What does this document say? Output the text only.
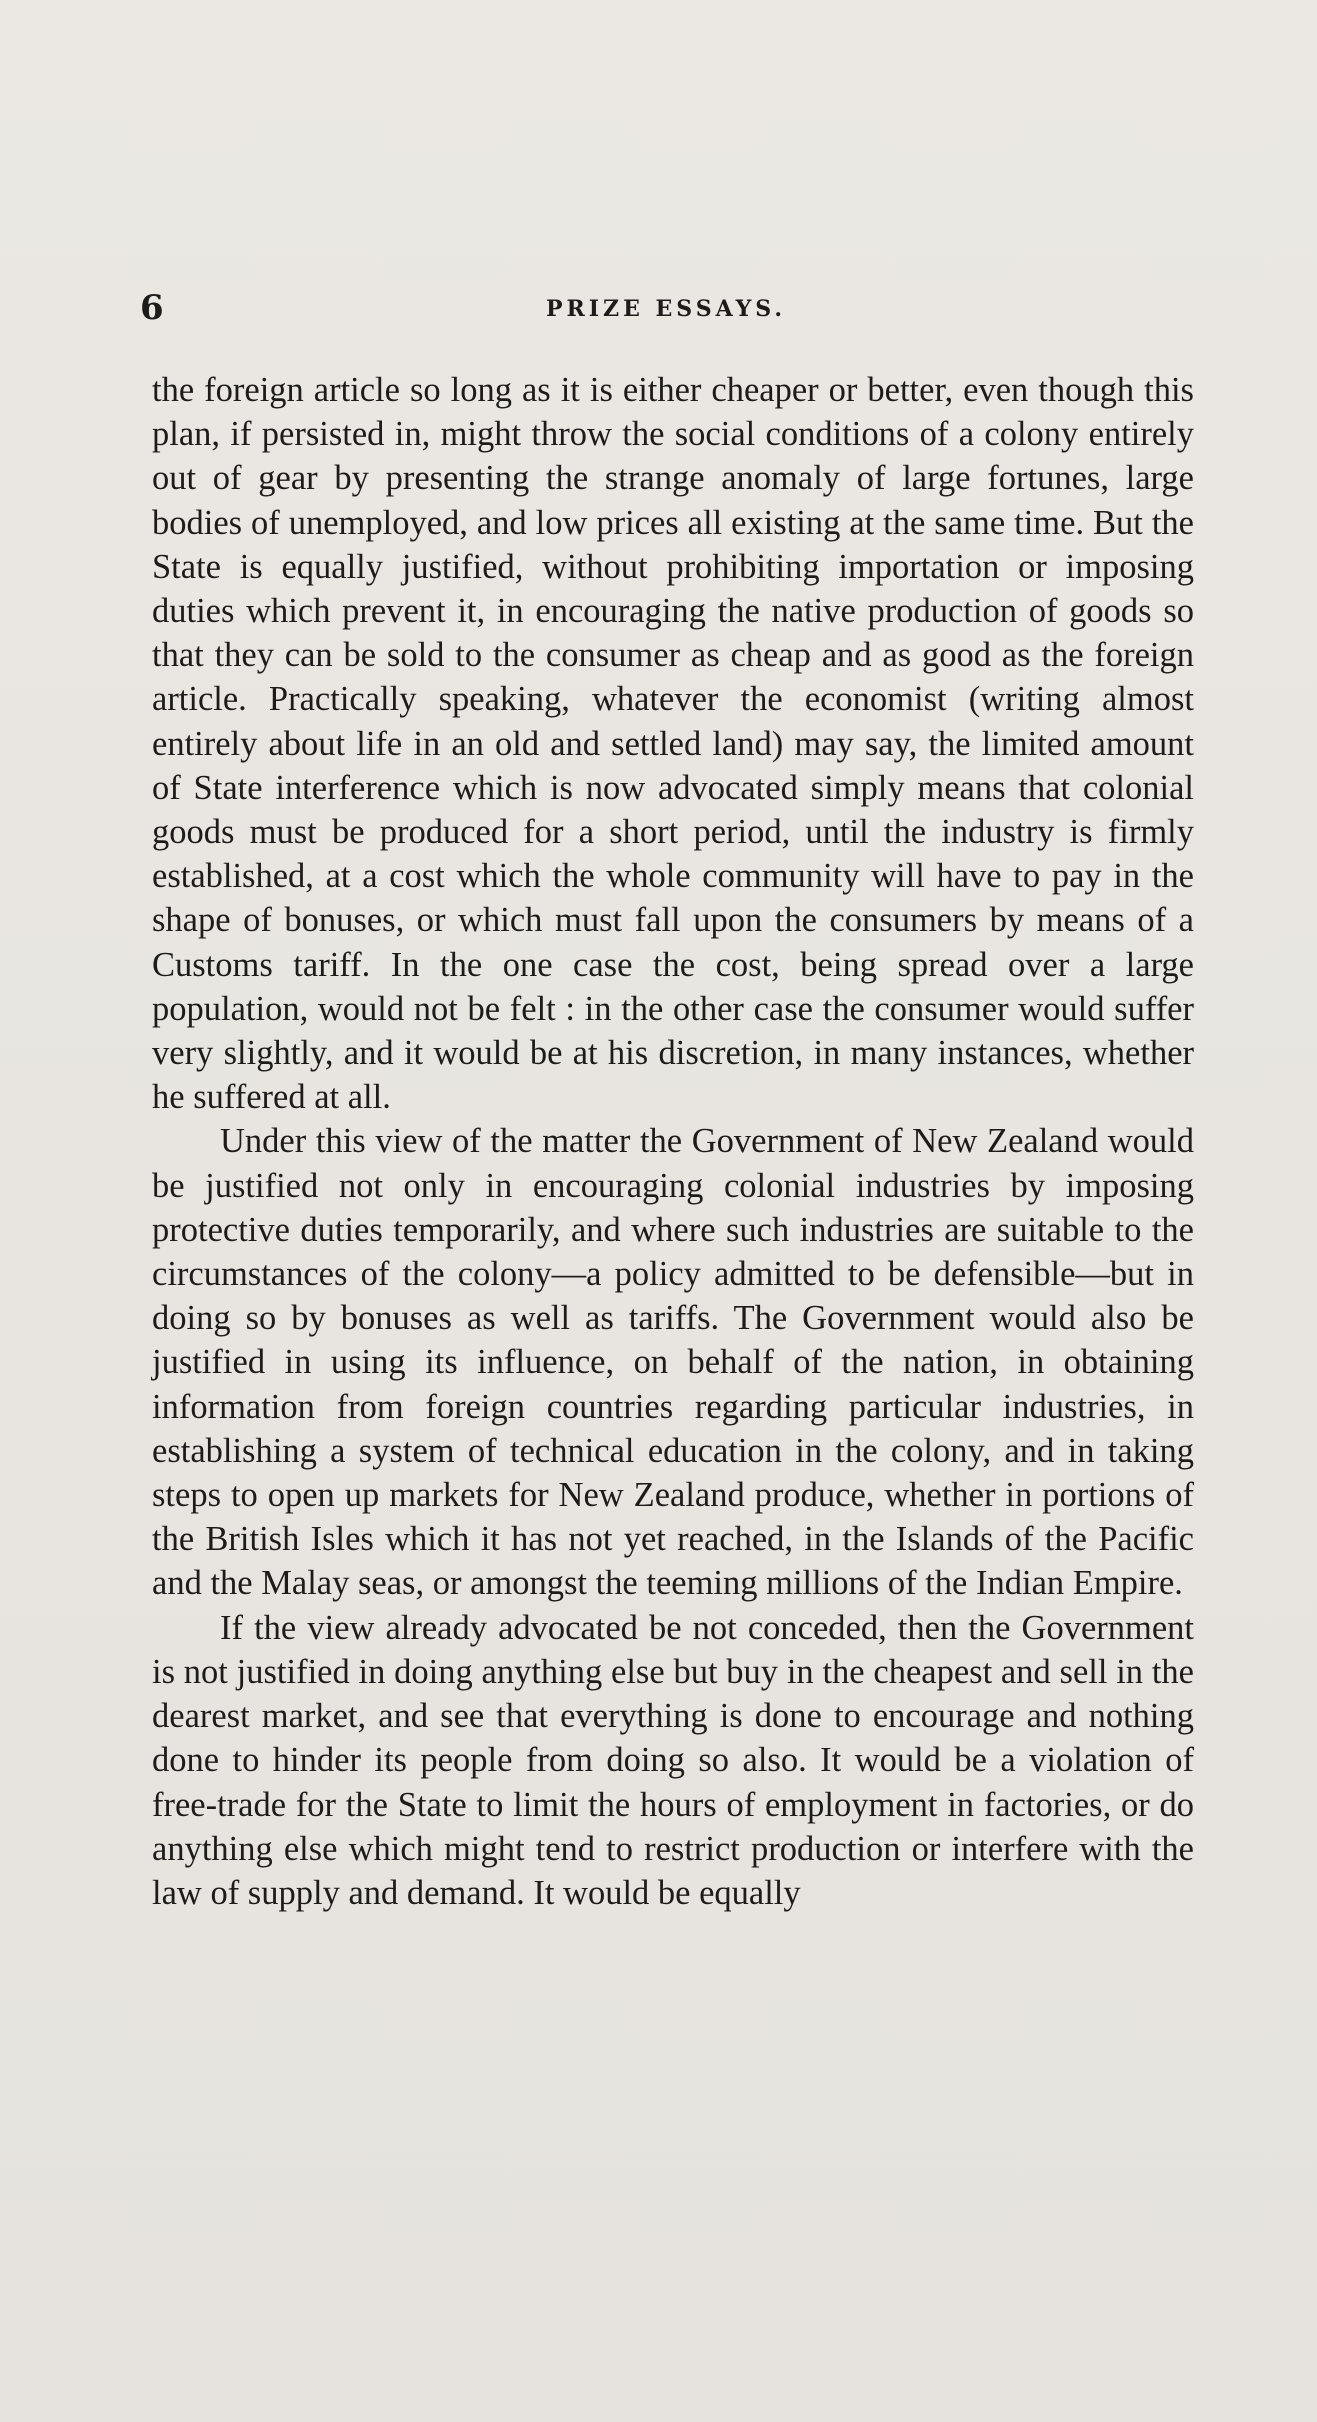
6	PRIZE ESSAYS.

the foreign article so long as it is either cheaper or better, even though this plan, if persisted in, might throw the social conditions of a colony entirely out of gear by presenting the strange anomaly of large fortunes, large bodies of unemployed, and low prices all existing at the same time. But the State is equally justified, without prohibiting importation or imposing duties which prevent it, in encouraging the native production of goods so that they can be sold to the consumer as cheap and as good as the foreign article. Practically speaking, whatever the economist (writing almost entirely about life in an old and settled land) may say, the limited amount of State interference which is now advocated simply means that colonial goods must be produced for a short period, until the industry is firmly established, at a cost which the whole community will have to pay in the shape of bonuses, or which must fall upon the consumers by means of a Customs tariff. In the one case the cost, being spread over a large population, would not be felt : in the other case the consumer would suffer very slightly, and it would be at his discretion, in many instances, whether he suffered at all.

Under this view of the matter the Government of New Zealand would be justified not only in encouraging colonial industries by imposing protective duties temporarily, and where such industries are suitable to the circumstances of the colony—a policy admitted to be defensible—but in doing so by bonuses as well as tariffs. The Government would also be justified in using its influence, on behalf of the nation, in obtaining information from foreign countries regarding particular industries, in establishing a system of technical education in the colony, and in taking steps to open up markets for New Zealand produce, whether in portions of the British Isles which it has not yet reached, in the Islands of the Pacific and the Malay seas, or amongst the teeming millions of the Indian Empire.

If the view already advocated be not conceded, then the Government is not justified in doing anything else but buy in the cheapest and sell in the dearest market, and see that everything is done to encourage and nothing done to hinder its people from doing so also. It would be a violation of free-trade for the State to limit the hours of employment in factories, or do anything else which might tend to restrict production or interfere with the law of supply and demand. It would be equally
